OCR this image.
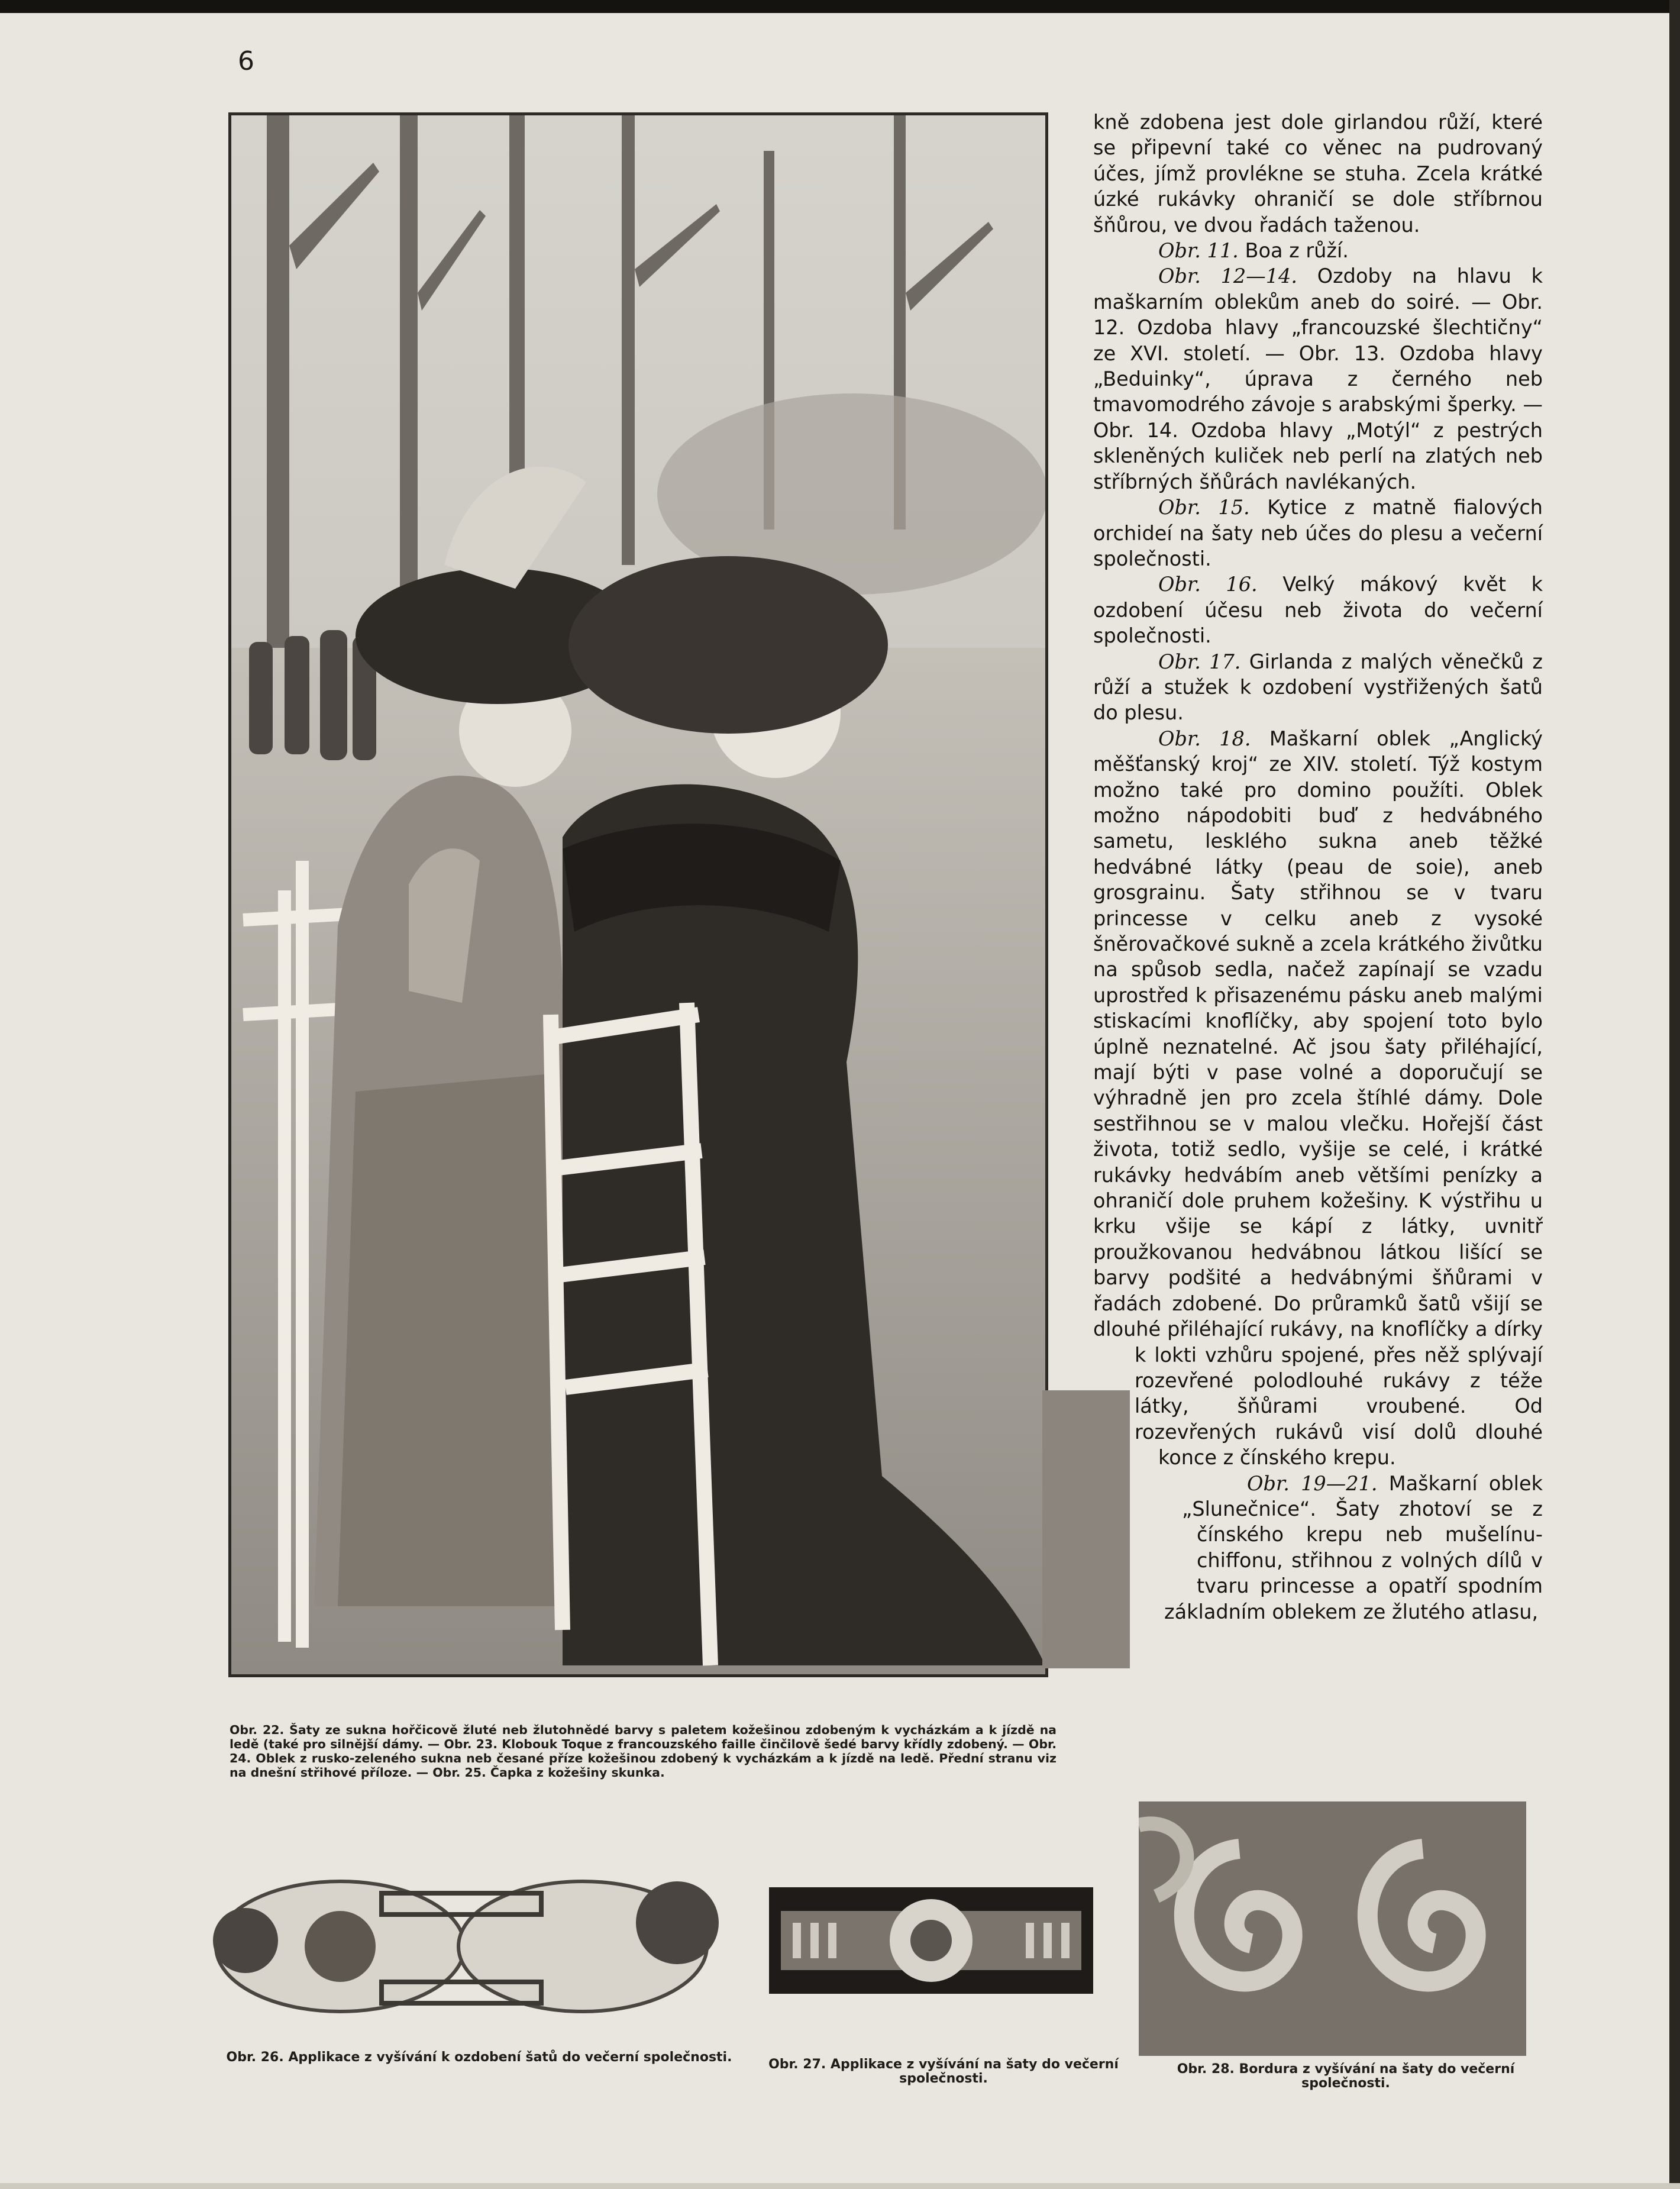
6

kně zdobena jest dole girlandou růží, které se připevní také co věnec na pudrovaný účes, jímž provlékne se stuha. Zcela krátké úzké rukávky ohraničí se dole stříbrnou šňůrou, ve dvou řadách taženou.

Obr. 11. Boa z růží.

Obr. 12—14. Ozdoby na hlavu k maškarním oblekům aneb do soiré. — Obr. 12. Ozdoba hlavy „francouzské šlechtičny“ ze XVI. století. — Obr. 13. Ozdoba hlavy „Beduinky“, úprava z černého neb tmavomodrého závoje s arabskými šperky. — Obr. 14. Ozdoba hlavy „Motýl“ z pestrých skleněných kuliček neb perlí na zlatých neb stříbrných šňůrách navlékaných.

Obr. 15. Kytice z matně fialových orchideí na šaty neb účes do plesu a večerní společnosti.

Obr. 16. Velký mákový květ k ozdobení účesu neb života do večerní společnosti.

Obr. 17. Girlanda z malých věnečků z růží a stužek k ozdobení vystřižených šatů do plesu.

Obr. 18. Maškarní oblek „Anglický měšťanský kroj“ ze XIV. století. Týž kostym možno také pro domino použíti. Oblek možno nápodobiti buď z hedvábného sametu, lesklého sukna aneb těžké hedvábné látky (peau de soie), aneb grosgrainu. Šaty střihnou se v tvaru princesse v celku aneb z vysoké šněrovačkové sukně a zcela krátkého živůtku na spůsob sedla, načež zapínají se vzadu uprostřed k přisazenému pásku aneb malými stiskacími knoflíčky, aby spojení toto bylo úplně neznatelné. Ač jsou šaty přiléhající, mají býti v pase volné a doporučují se výhradně jen pro zcela štíhlé dámy. Dole sestřihnou se v malou vlečku. Hořejší část života, totiž sedlo, vyšije se celé, i krátké rukávky hedvábím aneb většími penízky a ohraničí dole pruhem kožešiny. K výstřihu u krku všije se kápí z látky, uvnitř proužkovanou hedvábnou látkou lišící se barvy podšité a hedvábnými šňůrami v řadách zdobené. Do průramků šatů všijí se dlouhé přiléhající rukávy, na knoflíčky a dírky k lokti vzhůru spojené, přes něž splývají rozevřené polodlouhé rukávy z téže látky, šňůrami vroubené. Od rozevřených rukávů visí dolů dlouhé konce z čínského krepu.

Obr. 19—21. Maškarní oblek „Slunečnice“. Šaty zhotoví se z čínského krepu neb mušelínu-chiffonu, střihnou z volných dílů v tvaru princesse a opatří spodním základním oblekem ze žlutého atlasu,

Obr. 22. Šaty ze sukna hořčicově žluté neb žlutohnědé barvy s paletem kožešinou zdobeným k vycházkám a k jízdě na ledě (také pro silnější dámy. — Obr. 23. Klobouk Toque z francouzského faille činčilově šedé barvy křídly zdobený. — Obr. 24. Oblek z rusko-zeleného sukna neb česané příze kožešinou zdobený k vycházkám a k jízdě na ledě. Přední stranu viz na dnešní střihové příloze. — Obr. 25. Čapka z kožešiny skunka.
Obr. 26. Applikace z vyšívání k ozdobení šatů do večerní společnosti.	Obr. 27. Applikace z vyšívání na šaty do večerní společnosti.
Obr. 28. Bordura z vyšívání na šaty do večerní společnosti.
